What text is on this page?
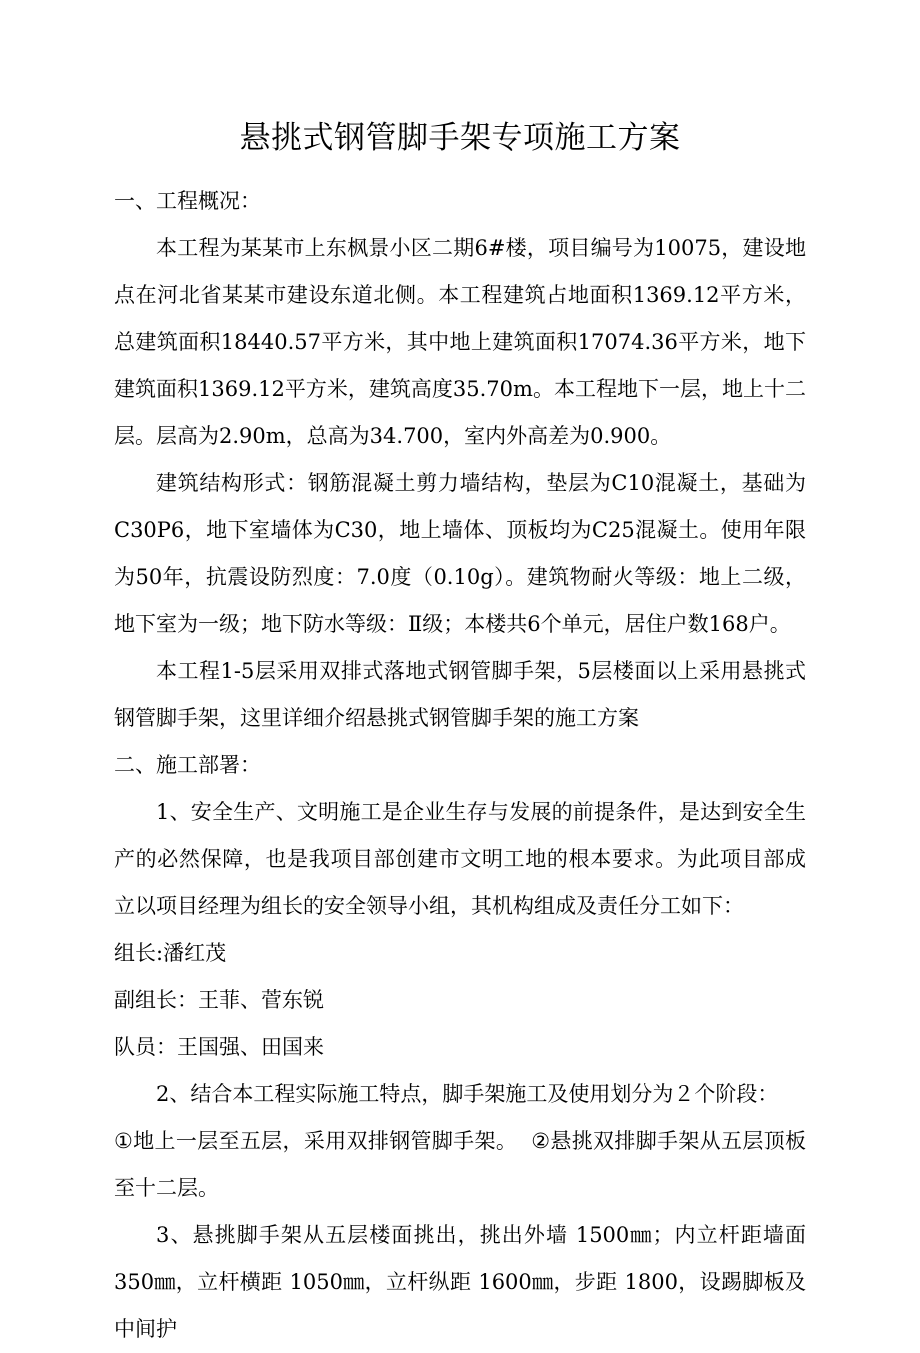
悬挑式钢管脚手架专项施工方案

一、工程概况：

本工程为某某市上东枫景小区二期6#楼，项目编号为10075，建设地点在河北省某某市建设东道北侧。本工程建筑占地面积1369.12平方米，总建筑面积18440.57平方米，其中地上建筑面积17074.36平方米，地下建筑面积1369.12平方米，建筑高度35.70m。本工程地下一层，地上十二层。层高为2.90m，总高为34.700，室内外高差为0.900。

建筑结构形式：钢筋混凝土剪力墙结构，垫层为C10混凝土，基础为C30P6，地下室墙体为C30，地上墙体、顶板均为C25混凝土。使用年限为50年，抗震设防烈度：7.0度（0.10g）。建筑物耐火等级：地上二级，地下室为一级；地下防水等级：Ⅱ级；本楼共6个单元，居住户数168户。

本工程1-5层采用双排式落地式钢管脚手架，5层楼面以上采用悬挑式钢管脚手架，这里详细介绍悬挑式钢管脚手架的施工方案

二、施工部署：

1、安全生产、文明施工是企业生存与发展的前提条件，是达到安全生产的必然保障，也是我项目部创建市文明工地的根本要求。为此项目部成立以项目经理为组长的安全领导小组，其机构组成及责任分工如下：

组长:潘红茂

副组长：王菲、菅东锐

队员：王国强、田国来

2、结合本工程实际施工特点，脚手架施工及使用划分为２个阶段：

①地上一层至五层，采用双排钢管脚手架。 ②悬挑双排脚手架从五层顶板至十二层。

3、悬挑脚手架从五层楼面挑出，挑出外墙 1500㎜；内立杆距墙面 350㎜，立杆横距 1050㎜，立杆纵距 1600㎜，步距 1800，设踢脚板及中间护
